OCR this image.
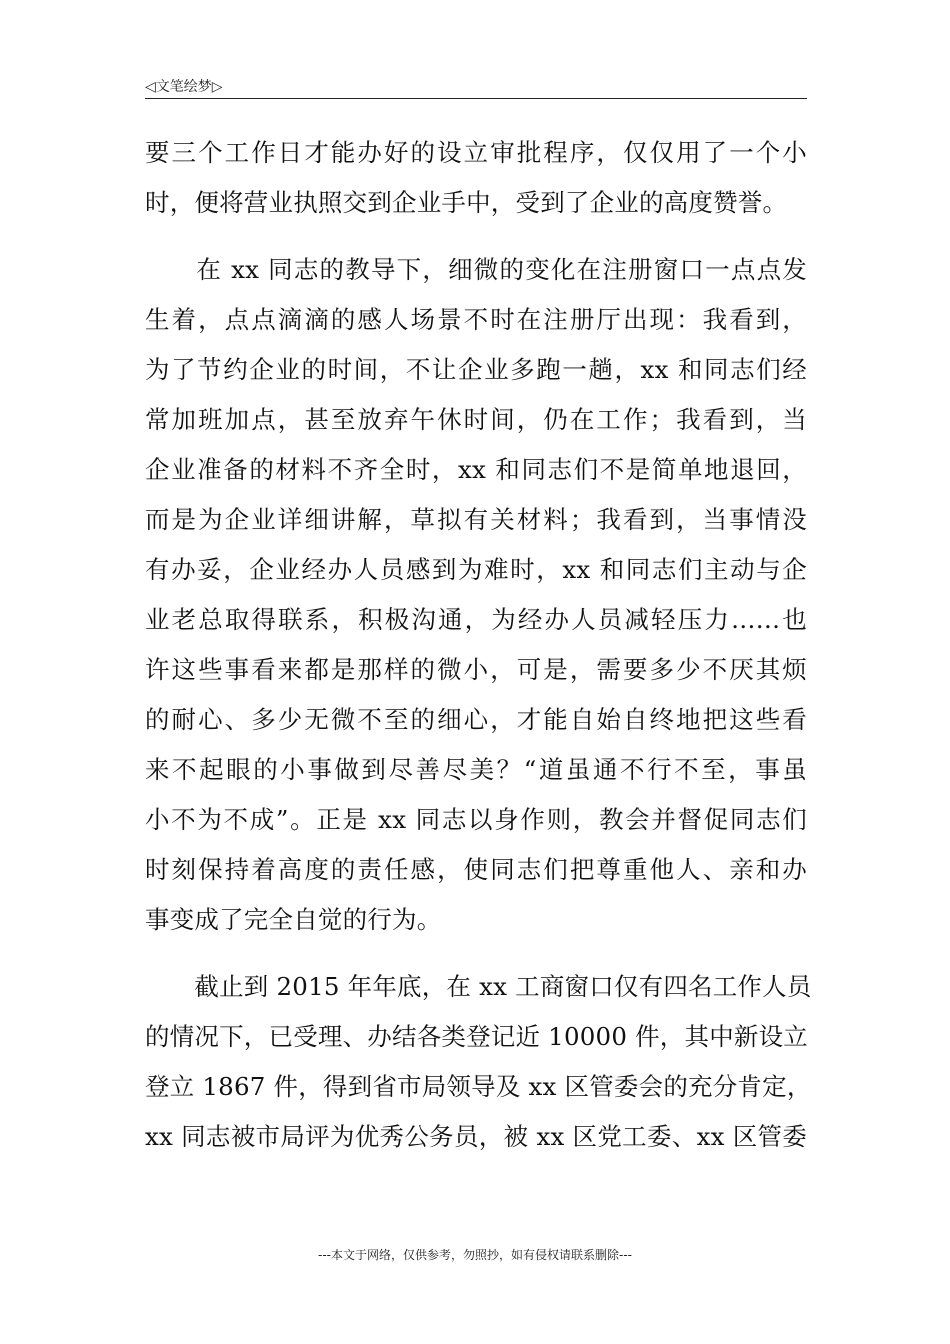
◁文笔绘梦▷
要三个工作日才能办好的设立审批程序，仅仅用了一个小
时，便将营业执照交到企业手中，受到了企业的高度赞誉。
　　在 xx 同志的教导下，细微的变化在注册窗口一点点发
生着，点点滴滴的感人场景不时在注册厅出现：我看到，
为了节约企业的时间，不让企业多跑一趟，xx 和同志们经
常加班加点，甚至放弃午休时间，仍在工作；我看到，当
企业准备的材料不齐全时，xx 和同志们不是简单地退回，
而是为企业详细讲解，草拟有关材料；我看到，当事情没
有办妥，企业经办人员感到为难时，xx 和同志们主动与企
业老总取得联系，积极沟通，为经办人员减轻压力……也
许这些事看来都是那样的微小，可是，需要多少不厌其烦
的耐心、多少无微不至的细心，才能自始自终地把这些看
来不起眼的小事做到尽善尽美？“道虽通不行不至，事虽
小不为不成”。正是 xx 同志以身作则，教会并督促同志们
时刻保持着高度的责任感，使同志们把尊重他人、亲和办
事变成了完全自觉的行为。
　　截止到 2015 年年底，在 xx 工商窗口仅有四名工作人员
的情况下，已受理、办结各类登记近 10000 件，其中新设立
登立 1867 件，得到省市局领导及 xx 区管委会的充分肯定，
xx 同志被市局评为优秀公务员，被 xx 区党工委、xx 区管委
---本文于网络，仅供参考，勿照抄，如有侵权请联系删除---
